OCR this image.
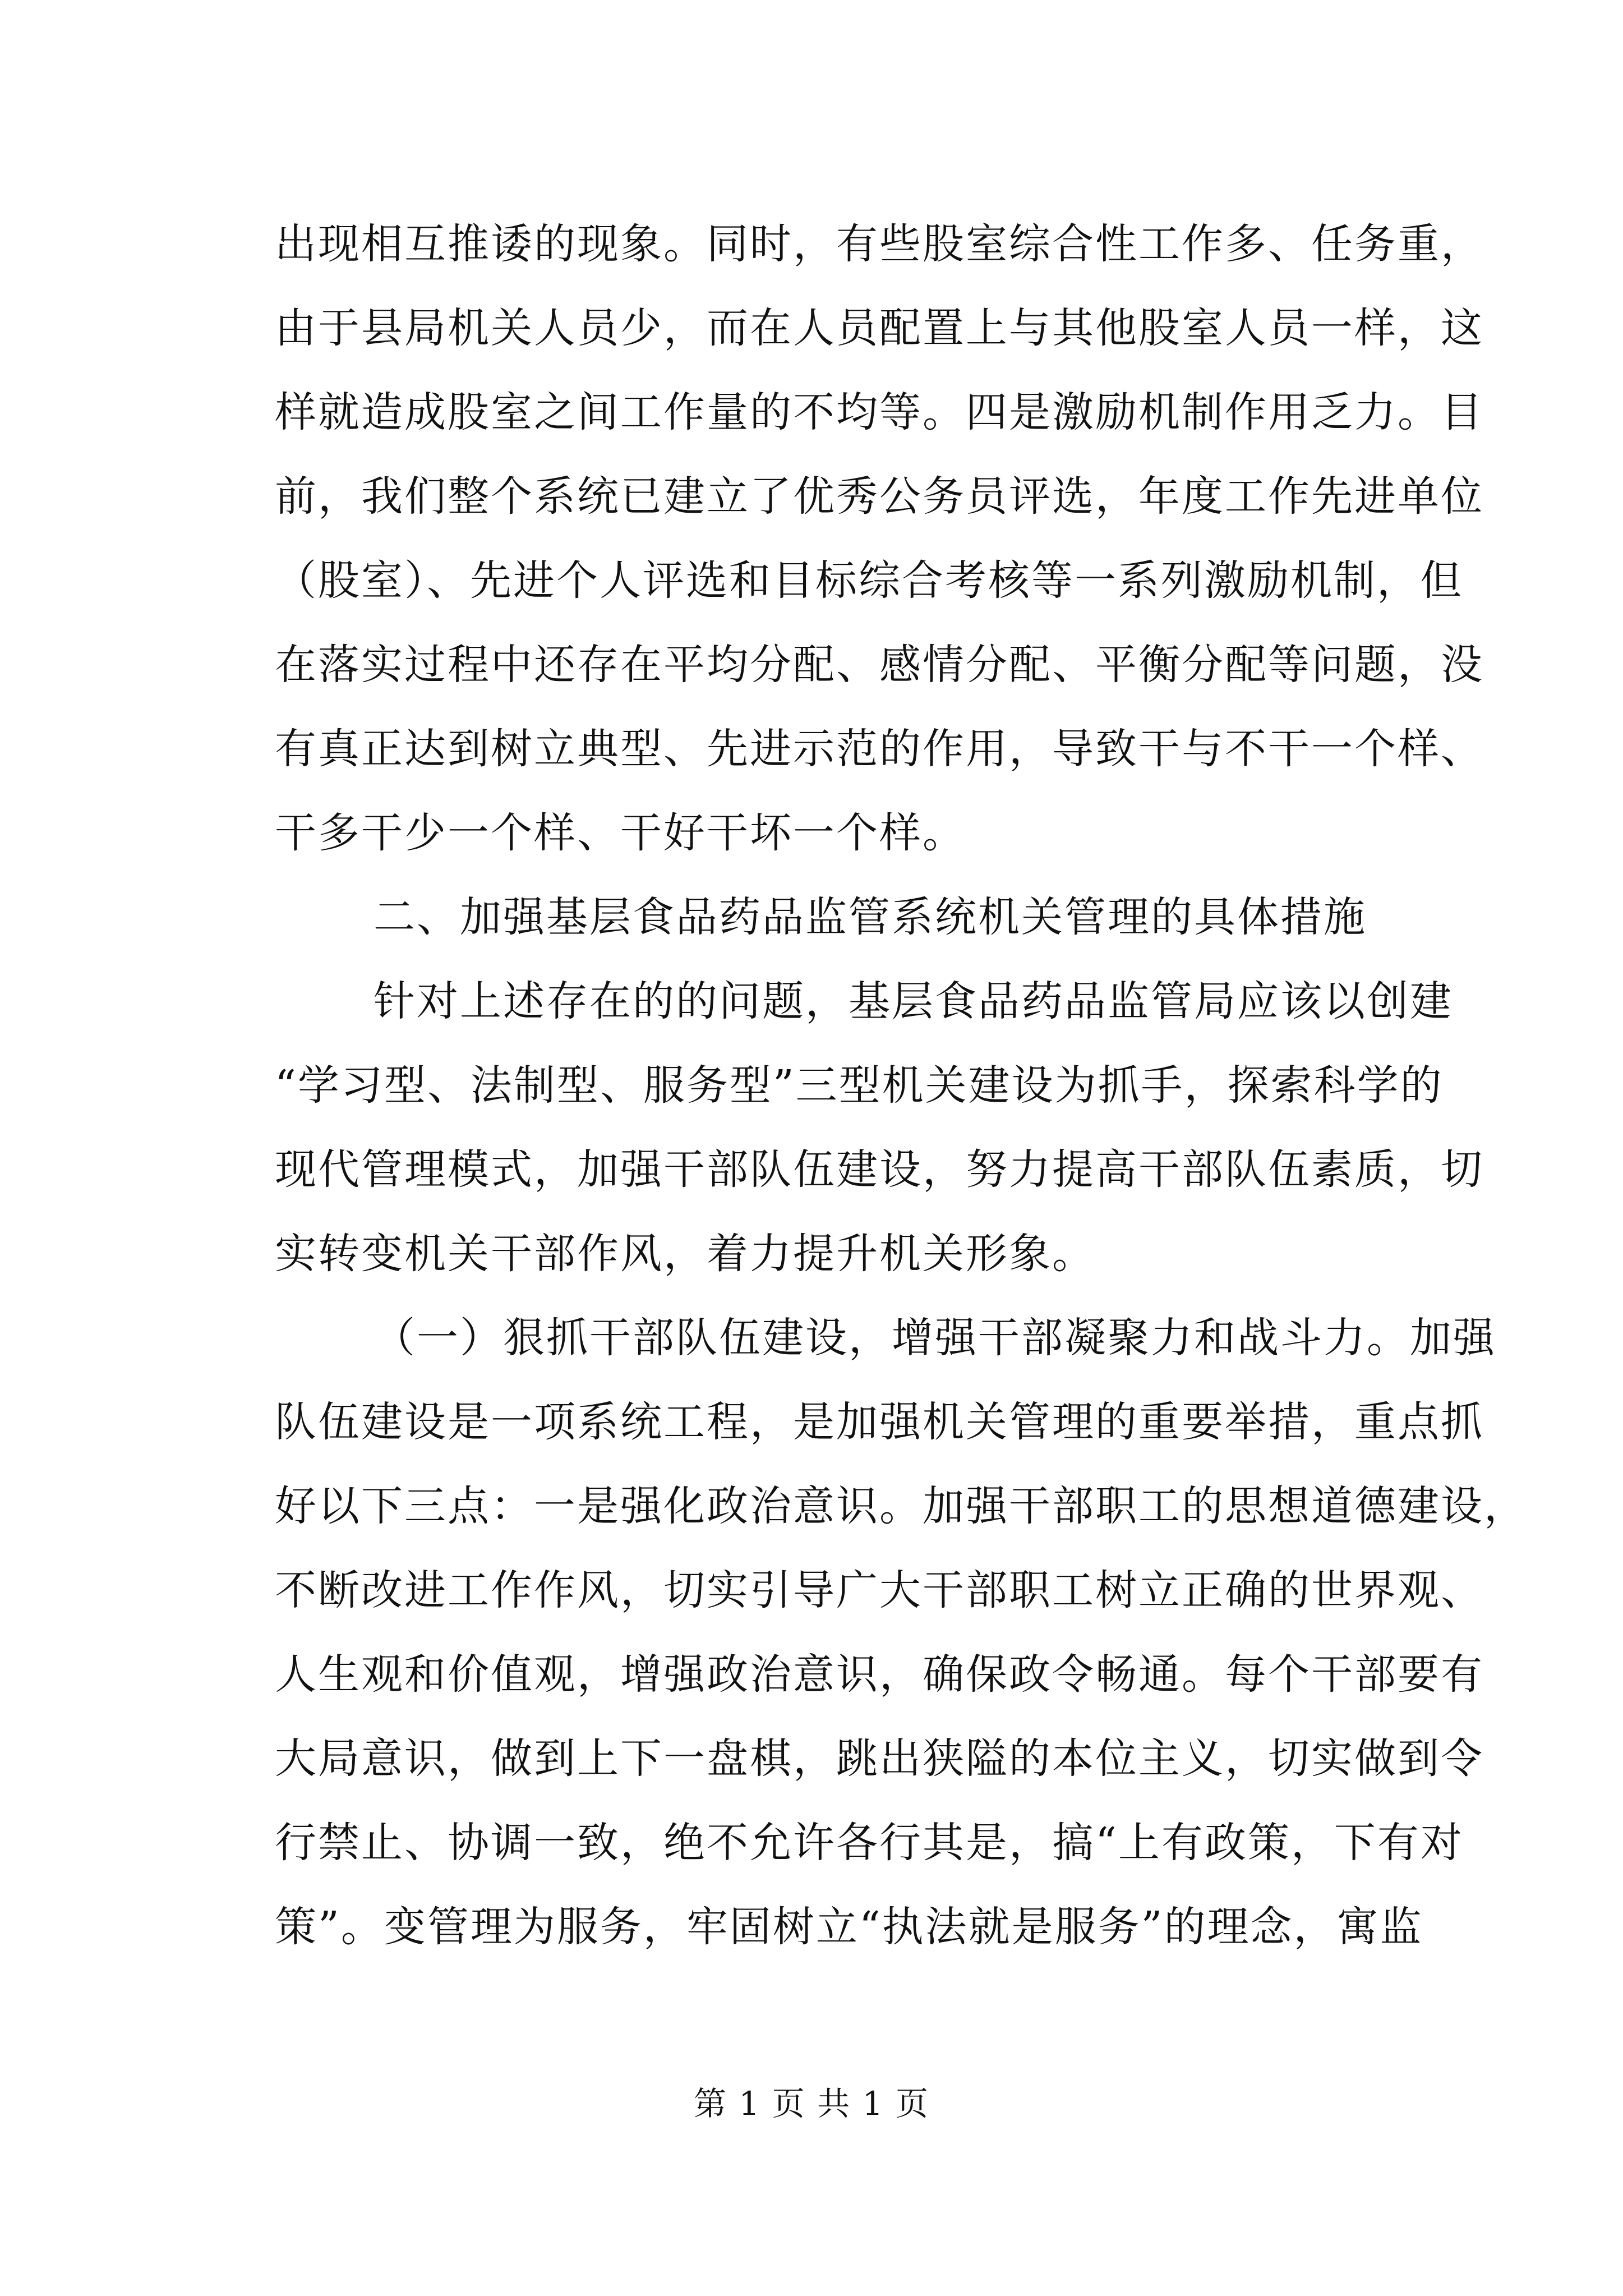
出现相互推诿的现象。同时，有些股室综合性工作多、任务重，
由于县局机关人员少，而在人员配置上与其他股室人员一样，这
样就造成股室之间工作量的不均等。四是激励机制作用乏力。目
前，我们整个系统已建立了优秀公务员评选，年度工作先进单位
（股室）、先进个人评选和目标综合考核等一系列激励机制，但
在落实过程中还存在平均分配、感情分配、平衡分配等问题，没
有真正达到树立典型、先进示范的作用，导致干与不干一个样、
干多干少一个样、干好干坏一个样。
二、加强基层食品药品监管系统机关管理的具体措施
针对上述存在的的问题，基层食品药品监管局应该以创建
“学习型、法制型、服务型”三型机关建设为抓手，探索科学的
现代管理模式，加强干部队伍建设，努力提高干部队伍素质，切
实转变机关干部作风，着力提升机关形象。
（一）狠抓干部队伍建设，增强干部凝聚力和战斗力。加强
队伍建设是一项系统工程，是加强机关管理的重要举措，重点抓
好以下三点：一是强化政治意识。加强干部职工的思想道德建设，
不断改进工作作风，切实引导广大干部职工树立正确的世界观、
人生观和价值观，增强政治意识，确保政令畅通。每个干部要有
大局意识，做到上下一盘棋，跳出狭隘的本位主义，切实做到令
行禁止、协调一致，绝不允许各行其是，搞“上有政策，下有对
策”。变管理为服务，牢固树立“执法就是服务”的理念，寓监
第 1 页 共 1 页
